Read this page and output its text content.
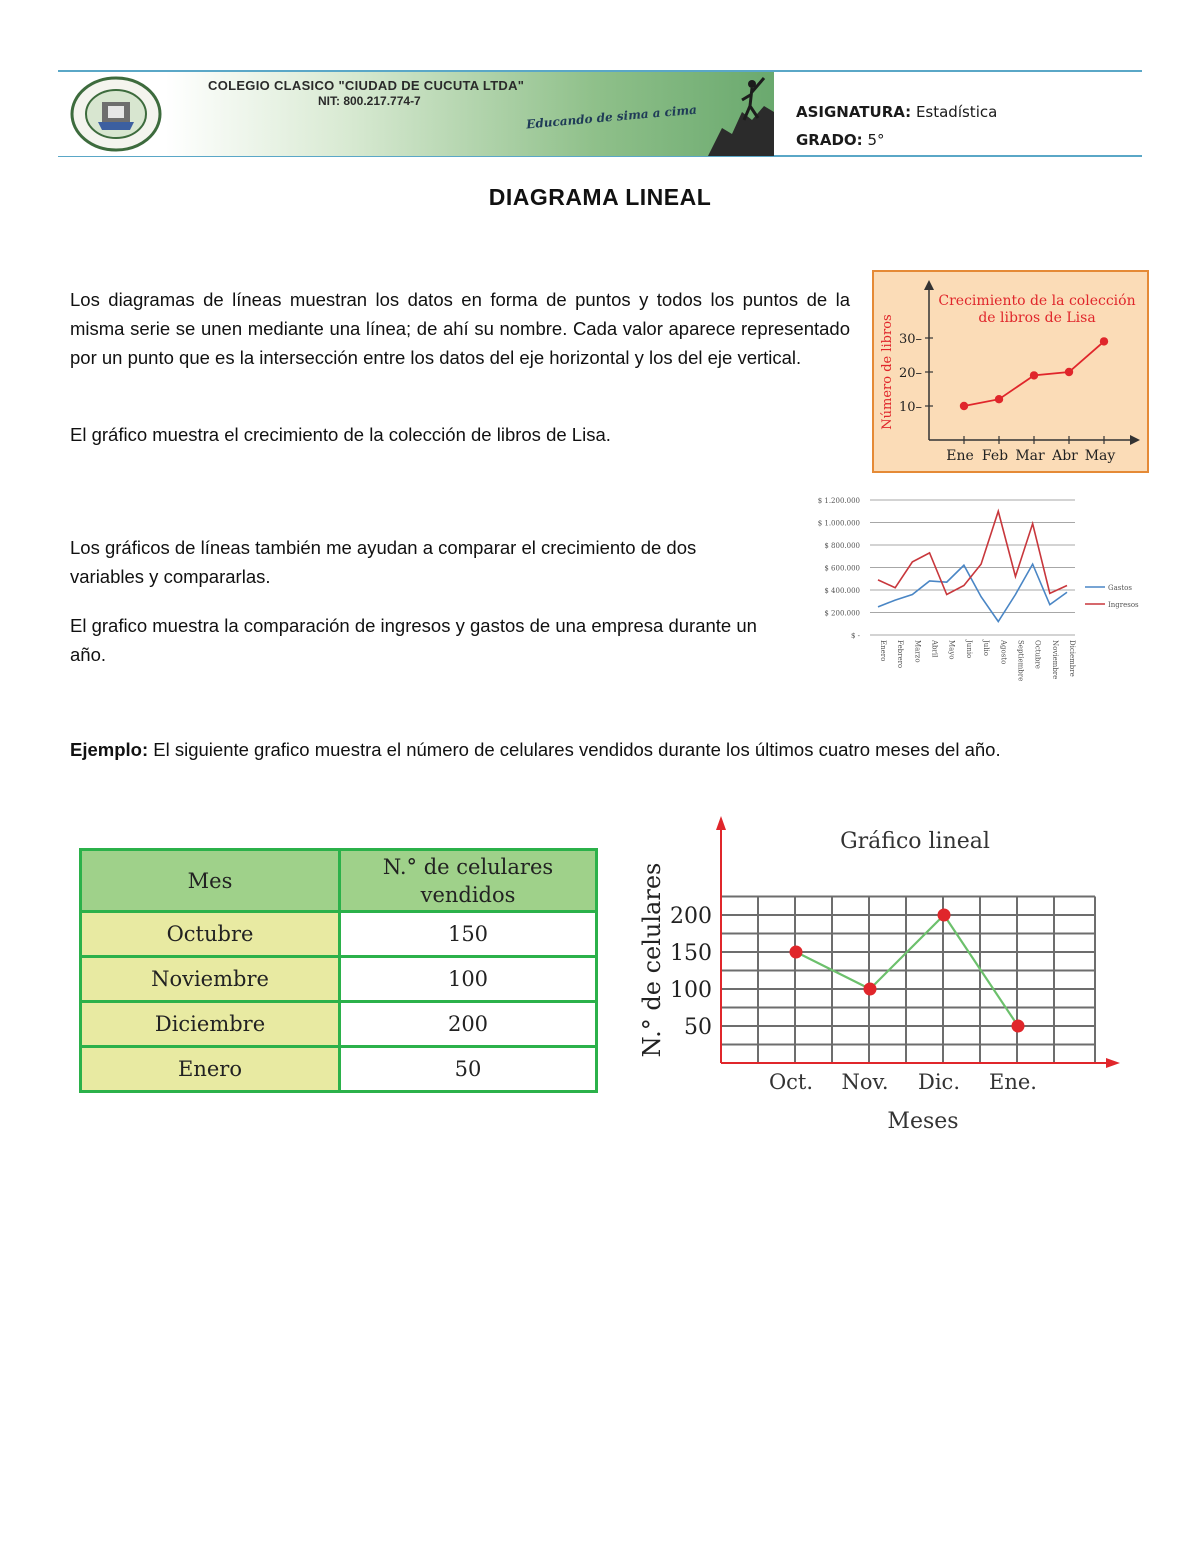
COLEGIO CLASICO "CIUDAD DE CUCUTA LTDA"
NIT: 800.217.774-7
Educando de sima a cima	ASIGNATURA: Estadística
GRADO: 5°
DIAGRAMA LINEAL
Los diagramas de líneas muestran los datos en forma de puntos y todos los puntos de la misma serie se unen mediante una línea; de ahí su nombre. Cada valor aparece representado por un punto que es la intersección entre los datos del eje horizontal y los del eje vertical.
El gráfico muestra el crecimiento de la colección de libros de Lisa.
Los gráficos de líneas también me ayudan a comparar el crecimiento de dos variables y compararlas.
El grafico muestra la comparación de ingresos y gastos de una empresa durante un año.
Ejemplo: El siguiente grafico muestra el número de celulares vendidos durante los últimos cuatro meses del año.
Crecimiento de la colección
de libros de Lisa
Número de libros 10–
20–
30–
Ene Feb Mar Abr May
$ -
$ 200.000
$ 400.000
$ 600.000
$ 800.000
$ 1.000.000
$ 1.200.000
Enero Febrero Marzo Abril Mayo Junio Julio Agosto Septiembre Octubre Noviembre Diciembre
Gastos
Ingresos
Mes	N.° de celulares vendidos
Octubre	150
Noviembre	100
Diciembre	200
Enero	50
Gráfico lineal
N.° de celulares
Meses
50
100
150
200
Oct. Nov. Dic. Ene.
